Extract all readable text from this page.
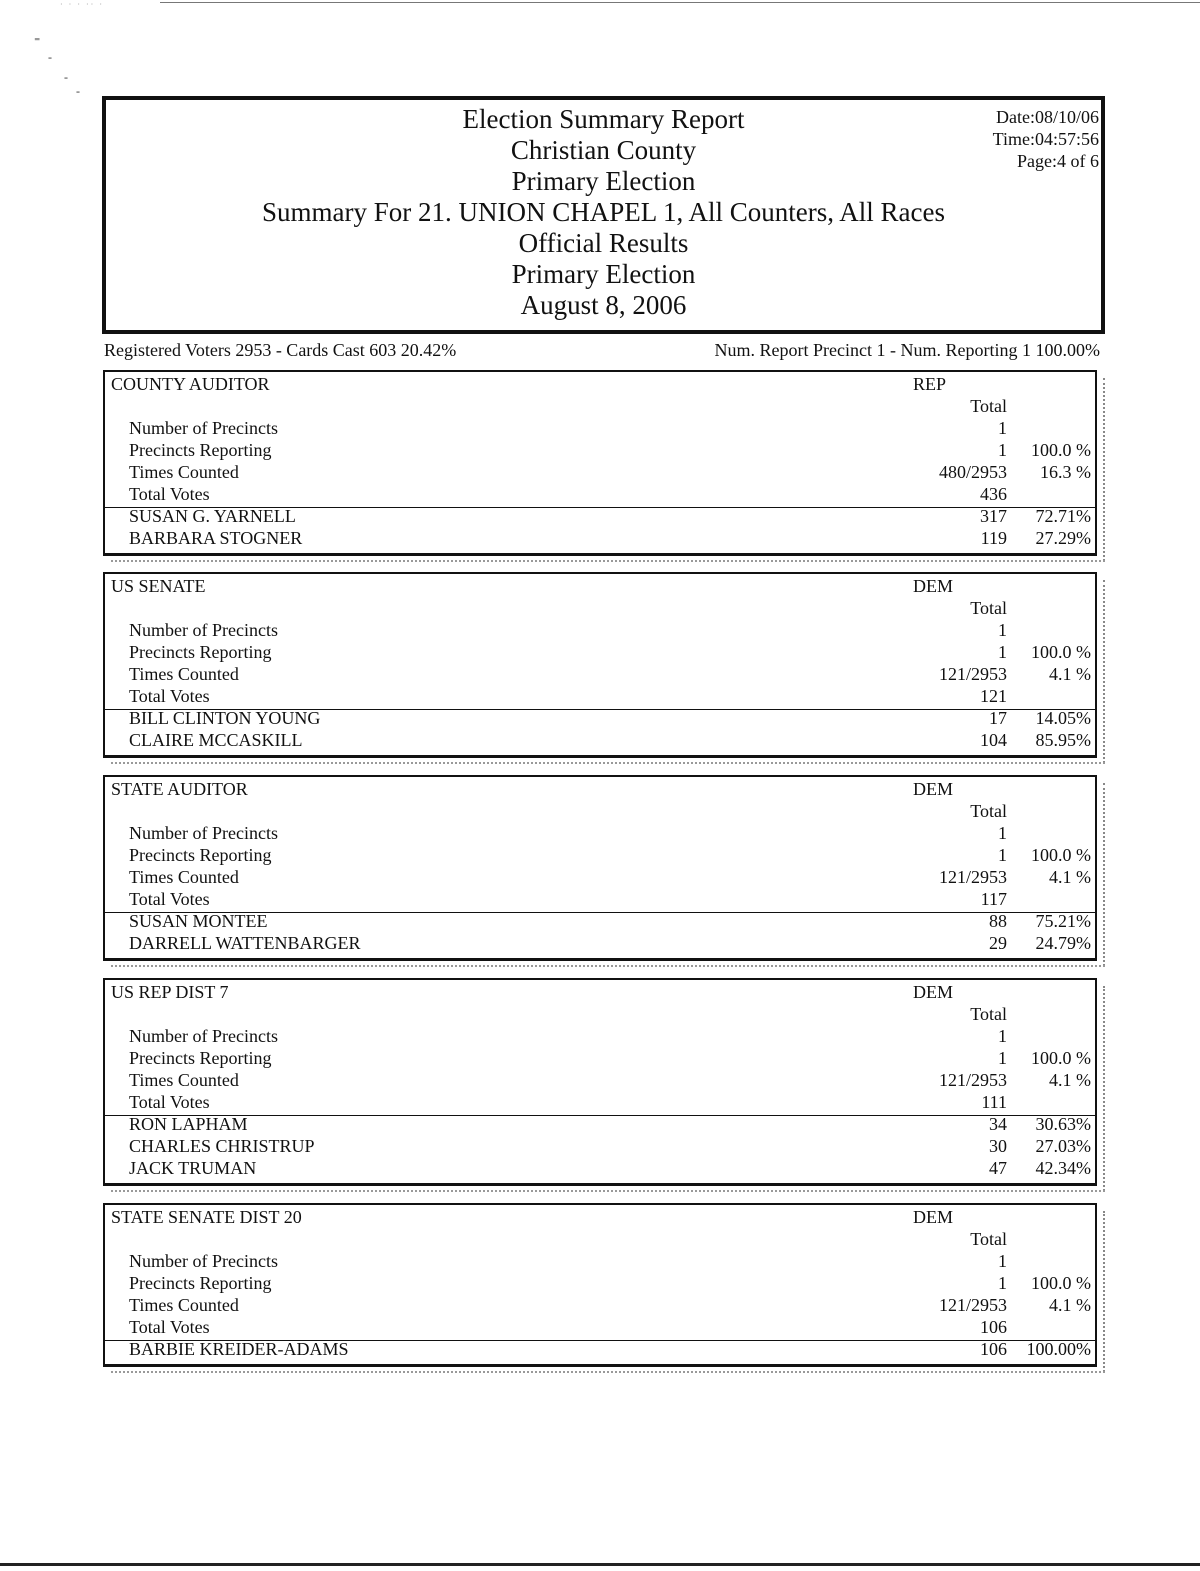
· · · ·· ·
⁼
-
-
-
Election Summary Report
Christian County
Primary Election
Summary For 21. UNION CHAPEL 1, All Counters, All Races
Official Results
Primary Election
August 8, 2006
Date:08/10/06
Time:04:57:56
Page:4 of 6
Registered Voters 2953 - Cards Cast 603 20.42%	Num. Report Precinct 1 - Num. Reporting 1 100.00%
COUNTY AUDITOR	REP
Total
Number of Precincts	1
Precincts Reporting	1 100.0 %
Times Counted	480/2953 16.3 %
Total Votes	436
SUSAN G. YARNELL	317 72.71%
BARBARA STOGNER	119 27.29%
US SENATE	DEM
Total
Number of Precincts	1
Precincts Reporting	1 100.0 %
Times Counted	121/2953 4.1 %
Total Votes	121
BILL CLINTON YOUNG	17 14.05%
CLAIRE MCCASKILL	104 85.95%
STATE AUDITOR	DEM
Total
Number of Precincts	1
Precincts Reporting	1 100.0 %
Times Counted	121/2953 4.1 %
Total Votes	117
SUSAN MONTEE	88 75.21%
DARRELL WATTENBARGER	29 24.79%
US REP DIST 7	DEM
Total
Number of Precincts	1
Precincts Reporting	1 100.0 %
Times Counted	121/2953 4.1 %
Total Votes	111
RON LAPHAM	34 30.63%
CHARLES CHRISTRUP	30 27.03%
JACK TRUMAN	47 42.34%
STATE SENATE DIST 20	DEM
Total
Number of Precincts	1
Precincts Reporting	1 100.0 %
Times Counted	121/2953 4.1 %
Total Votes	106
BARBIE KREIDER-ADAMS	106 100.00%
